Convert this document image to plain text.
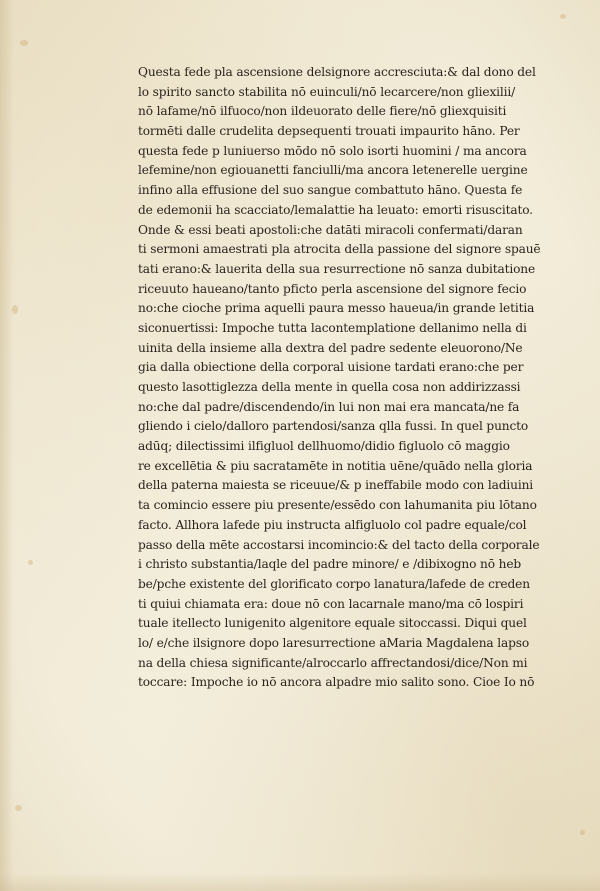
Questa fede pla ascensione delsignore accresciuta:& dal dono del
lo spirito sancto stabilita nō euinculi/nō lecarcere/non gliexilii/
nō lafame/nō ilfuoco/non ildeuorato delle fiere/nō gliexquisiti
tormēti dalle crudelita depsequenti trouati impaurito hāno. Per
questa fede p luniuerso mōdo nō solo isorti huomini / ma ancora
lefemine/non egiouanetti fanciulli/ma ancora letenerelle uergine
infino alla effusione del suo sangue combattuto hāno. Questa fe
de edemonii ha scacciato/lemalattie ha leuato: emorti risuscitato.
Onde & essi beati apostoli:che datāti miracoli confermati/daran
ti sermoni amaestrati pla atrocita della passione del signore spauē
tati erano:& lauerita della sua resurrectione nō sanza dubitatione
riceuuto haueano/tanto pficto perla ascensione del signore fecio
no:che cioche prima aquelli paura messo haueua/in grande letitia
siconuertissi: Impoche tutta lacontemplatione dellanimo nella di
uinita della insieme alla dextra del padre sedente eleuorono/Ne
gia dalla obiectione della corporal uisione tardati erano:che per
questo lasottiglezza della mente in quella cosa non addirizzassi
no:che dal padre/discendendo/in lui non mai era mancata/ne fa
gliendo i cielo/dalloro partendosi/sanza qlla fussi. In quel puncto
adūq; dilectissimi ilfigluol dellhuomo/didio figluolo cō maggio
re excellētia & piu sacratamēte in notitia uēne/quādo nella gloria
della paterna maiesta se riceuue/& p ineffabile modo con ladiuini
ta comincio essere piu presente/essēdo con lahumanita piu lōtano
facto. Allhora lafede piu instructa alfigluolo col padre equale/col
passo della mēte accostarsi incomincio:& del tacto della corporale
i christo substantia/laqle del padre minore/ e /dibixogno nō heb
be/pche existente del glorificato corpo lanatura/lafede de creden
ti quiui chiamata era: doue nō con lacarnale mano/ma cō lospiri
tuale itellecto lunigenito algenitore equale sitoccassi. Diqui quel
lo/ e/che ilsignore dopo laresurrectione aMaria Magdalena lapso
na della chiesa significante/alroccarlo affrectandosi/dice/Non mi
toccare: Impoche io nō ancora alpadre mio salito sono. Cioe Io nō
